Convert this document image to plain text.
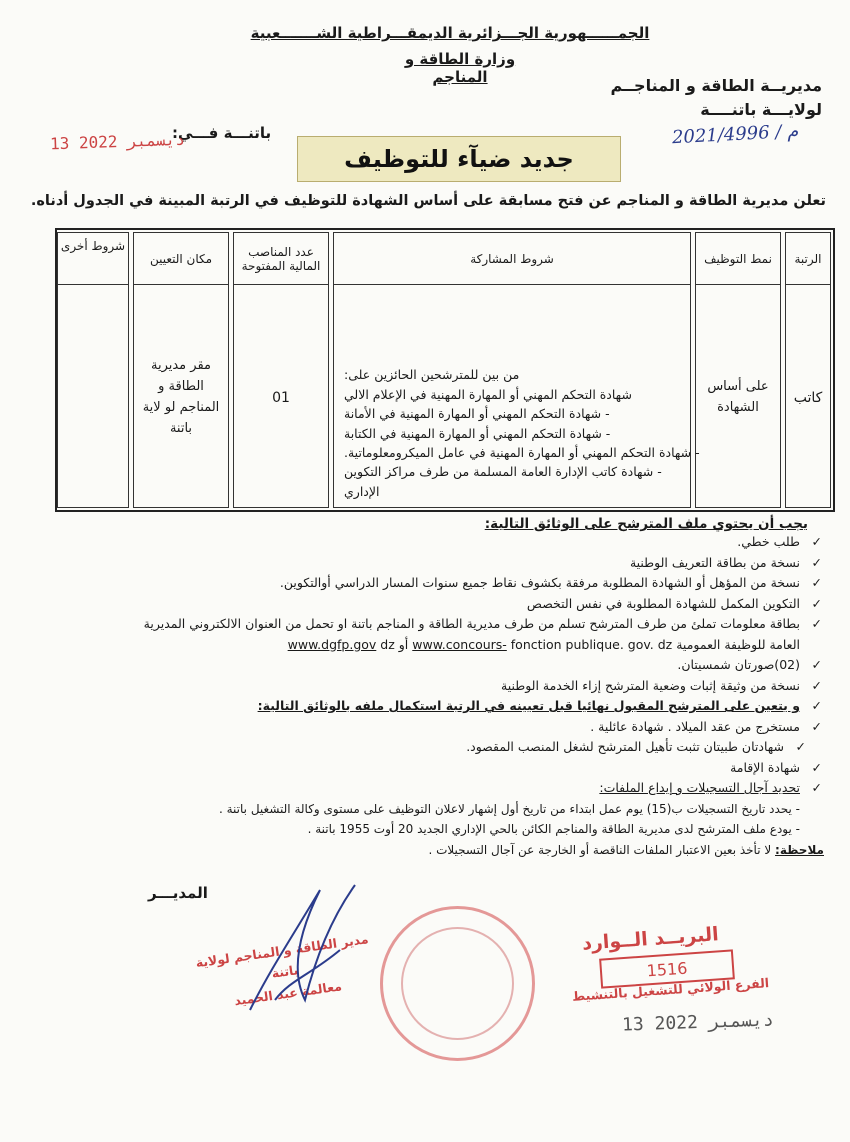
الجمــــــهورية الجـــزائرية الديمقـــراطية الشـــــــعبية
وزارة الطاقة و المناجم	مديريــة الطاقة و المناجــم
لولايـــة باتنــــة
2021/4996 / م
باتنـــة فـــي:
13 ديسمبر 2022
جديد ضيآء للتوظيف
تعلن مديرية الطاقة و المناجم عن فتح مسابقة على أساس الشهادة للتوظيف في الرتبة المبينة في الجدول أدناه.
الرتبة
كاتب
نمط التوظيف
على أساس الشهادة
شروط المشاركة
من بين للمترشحين الحائزين على:
شهادة التحكم المهني أو المهارة المهنية في الإعلام الالي
- شهادة التحكم المهني أو المهارة المهنية في الأمانة
- شهادة التحكم المهني أو المهارة المهنية في الكتابة
- شهادة التحكم المهني أو المهارة المهنية في عامل الميكرومعلوماتية.
- شهادة كاتب الإدارة العامة المسلمة من طرف مراكز التكوين
الإداري
عدد المناصب المالية المفتوحة
01
مكان التعيين
مقر مديرية الطاقة و المناجم لو لاية باتنة
شروط أخرى
يجب أن يحتوي ملف المترشح على الوثائق التالية:
✓
طلب خطي.
✓
نسخة من بطاقة التعريف الوطنية
✓
نسخة من المؤهل أو الشهادة المطلوبة مرفقة بكشوف نقاط جميع سنوات المسار الدراسي أوالتكوين.
✓
التكوين المكمل للشهادة المطلوبة في نفس التخصص
✓
بطاقة معلومات تملئ من طرف المترشح تسلم من طرف مديرية الطاقة و المناجم باتنة او تحمل من العنوان الالكتروني المديرية
العامة للوظيفة العمومية www.concours- fonction publique. gov. dz أو www.dgfp.gov dz
✓
(02)صورتان شمسيتان.
✓
نسخة من وثيقة إثبات وضعية المترشح إزاء الخدمة الوطنية
✓
و يتعين على المترشح المقبول نهائيا قبل تعيينه في الرتبة استكمال ملفه بالوثائق التالية:
✓
مستخرج من عقد الميلاد . شهادة عائلية .
✓
شهادتان طبيتان تثبت تأهيل المترشح لشغل المنصب المقصود.
✓
شهادة الإقامة
✓
تحديد آجال التسجيلات و إيداع الملفات:
- يحدد تاريخ التسجيلات ب(15) يوم عمل ابتداء من تاريخ أول إشهار لاعلان التوظيف على مستوى وكالة التشغيل باتنة .
- يودع ملف المترشح لدى مديرية الطاقة والمناجم الكائن بالحي الإداري الجديد 20 أوت 1955 باتنة .
ملاحظة: لا تأخذ بعين الاعتبار الملفات الناقصة أو الخارجة عن آجال التسجيلات .
المديـــر
مدير الطاقة و المناجم لولاية باتنة
معالمة عبد الحميد
البريــد الــوارد
1516
الفرع الولائي للتشغيل بالتنشيط
13 ديسمبر 2022
